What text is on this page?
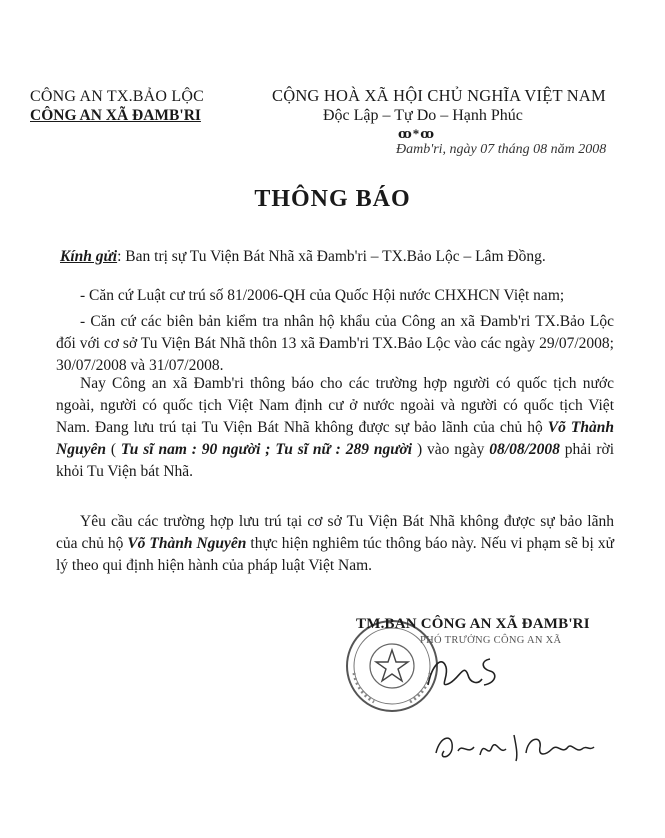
CÔNG AN TX.BẢO LỘC
CÔNG AN XÃ ĐAMB'RI
CỘNG HOÀ XÃ HỘI CHỦ NGHĨA VIỆT NAM
Độc Lập – Tự Do – Hạnh Phúc
ꝏ*ꝏ
Đamb'ri, ngày 07 tháng 08 năm 2008
THÔNG BÁO
Kính gửi: Ban trị sự Tu Viện Bát Nhã xã Đamb'ri – TX.Bảo Lộc – Lâm Đồng.
- Căn cứ Luật cư trú số 81/2006-QH của Quốc Hội nước CHXHCN Việt nam;
- Căn cứ các biên bản kiểm tra nhân hộ khẩu của Công an xã Đamb'ri TX.Bảo Lộc đối với cơ sở Tu Viện Bát Nhã thôn 13 xã Đamb'ri TX.Bảo Lộc vào các ngày 29/07/2008; 30/07/2008 và 31/07/2008.
Nay Công an xã Đamb'ri thông báo cho các trường hợp người có quốc tịch nước ngoài, người có quốc tịch Việt Nam định cư ở nước ngoài và người có quốc tịch Việt Nam. Đang lưu trú tại Tu Viện Bát Nhã không được sự bảo lãnh của chủ hộ Võ Thành Nguyên ( Tu sĩ nam : 90 người ; Tu sĩ nữ : 289 người ) vào ngày 08/08/2008 phải rời khỏi Tu Viện bát Nhã.
Yêu cầu các trường hợp lưu trú tại cơ sở Tu Viện Bát Nhã không được sự bảo lãnh của chủ hộ Võ Thành Nguyên thực hiện nghiêm túc thông báo này. Nếu vi phạm sẽ bị xử lý theo qui định hiện hành của pháp luật Việt Nam.
TM.BAN CÔNG AN XÃ ĐAMB'RI
PHÓ TRƯỞNG CÔNG AN XÃ
